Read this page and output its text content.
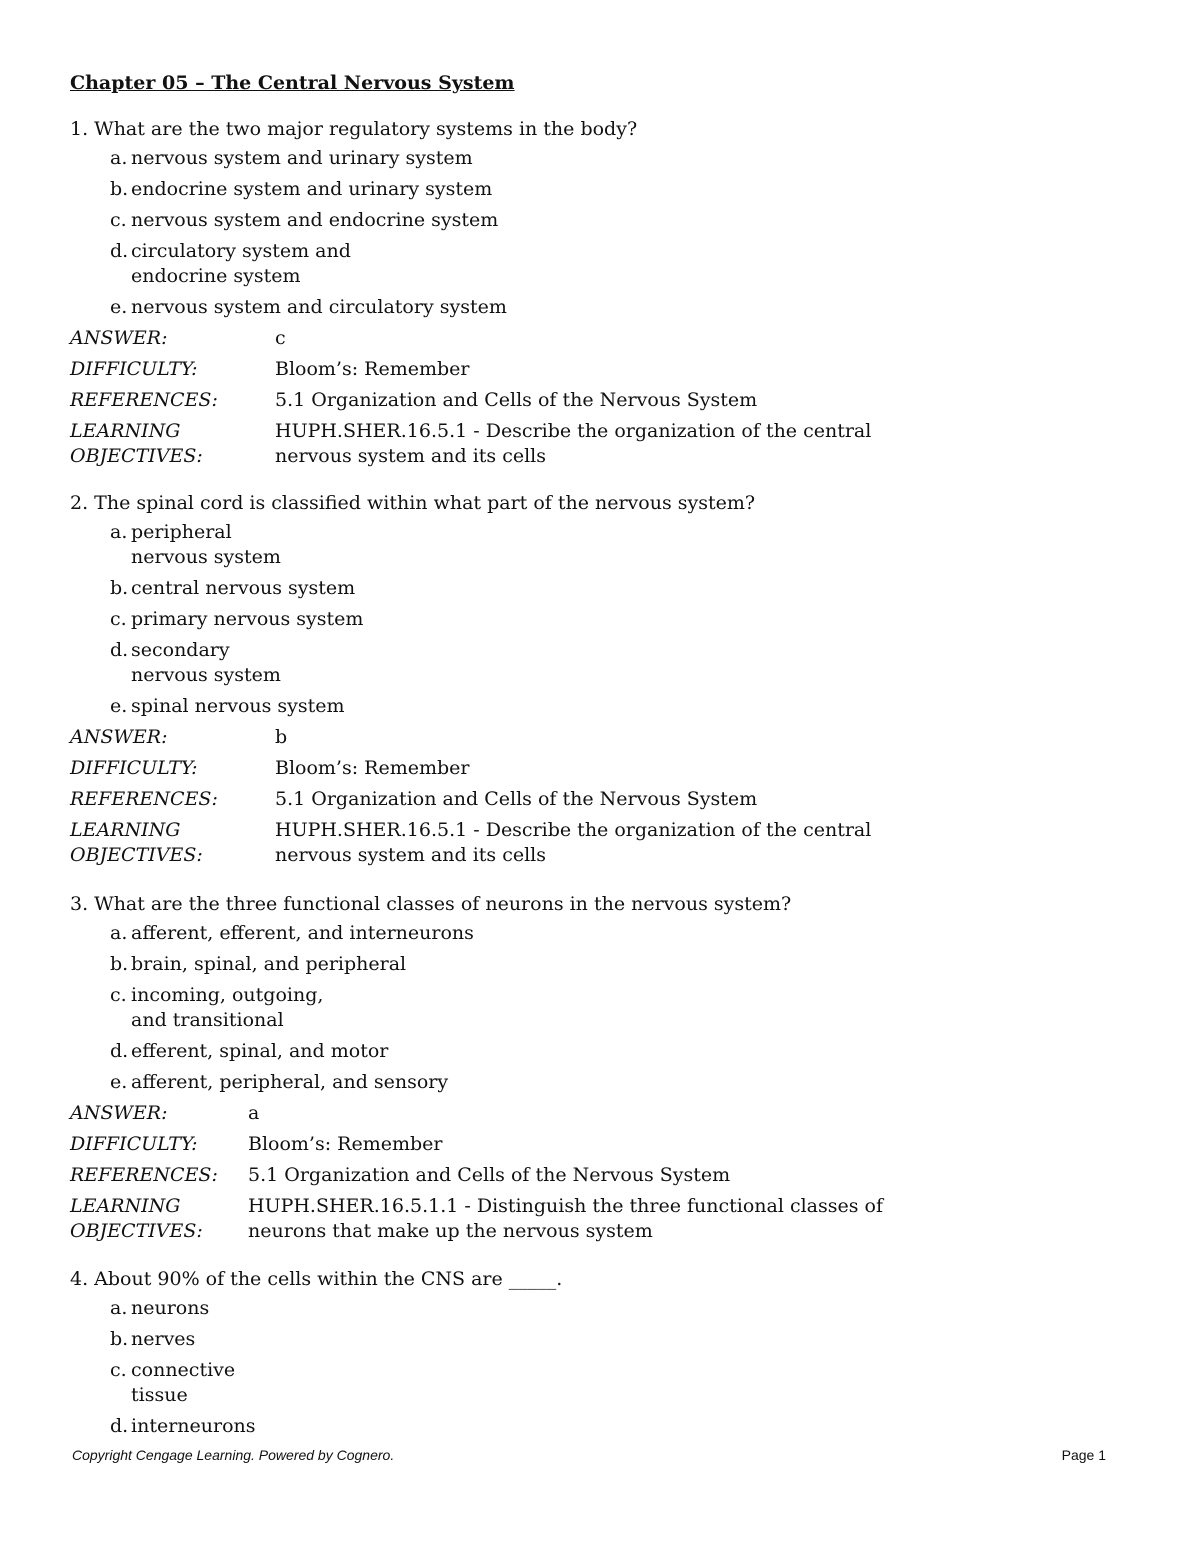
Chapter 05 – The Central Nervous System

1. What are the two major regulatory systems in the body?

a. nervous system and urinary system
b. endocrine system and urinary system
c. nervous system and endocrine system
d. circulatory system and endocrine system
e. nervous system and circulatory system
ANSWER:	c
DIFFICULTY:	Bloom’s: Remember
REFERENCES:	5.1 Organization and Cells of the Nervous System
LEARNING OBJECTIVES:
HUPH.SHER.16.5.1 - Describe the organization of the central nervous system and its cells

2. The spinal cord is classified within what part of the nervous system?

a. peripheral nervous system
b. central nervous system
c. primary nervous system
d. secondary nervous system
e. spinal nervous system
ANSWER:	b
DIFFICULTY:	Bloom’s: Remember
REFERENCES:	5.1 Organization and Cells of the Nervous System
LEARNING OBJECTIVES:
HUPH.SHER.16.5.1 - Describe the organization of the central nervous system and its cells

3. What are the three functional classes of neurons in the nervous system?

a. afferent, efferent, and interneurons
b. brain, spinal, and peripheral
c. incoming, outgoing, and transitional
d. efferent, spinal, and motor
e. afferent, peripheral, and sensory
ANSWER:	a
DIFFICULTY:	Bloom’s: Remember
REFERENCES: 5.1 Organization and Cells of the Nervous System
LEARNING OBJECTIVES:
HUPH.SHER.16.5.1.1 - Distinguish the three functional classes of neurons that make up the nervous system

4. About 90% of the cells within the CNS are _____.

a. neurons
b. nerves
c. connective tissue
d. interneurons
Copyright Cengage Learning. Powered by Cognero.	Page 1
